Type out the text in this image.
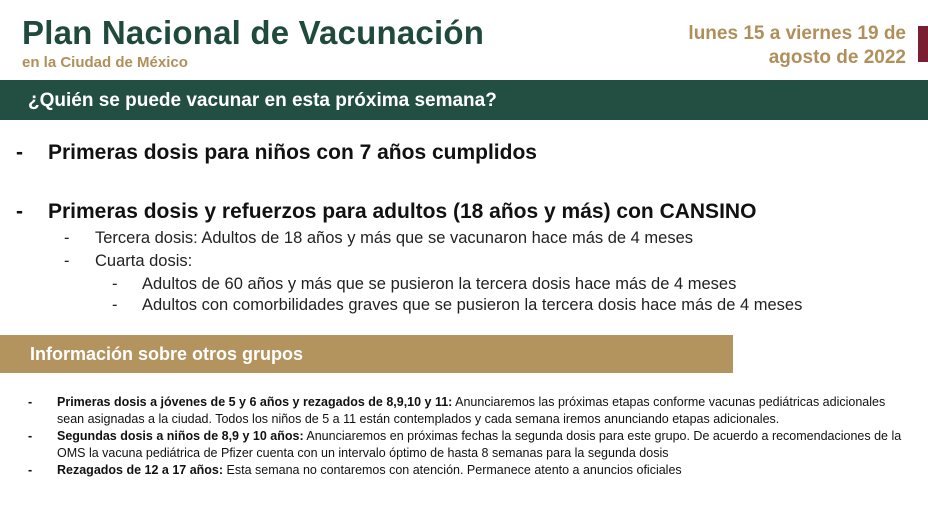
Plan Nacional de Vacunación
en la Ciudad de México
lunes 15 a viernes 19 de
agosto de 2022
¿Quién se puede vacunar en esta próxima semana?
- Primeras dosis para niños con 7 años cumplidos
- Primeras dosis y refuerzos para adultos (18 años y más) con CANSINO
- Tercera dosis: Adultos de 18 años y más que se vacunaron hace más de 4 meses
- Cuarta dosis:
- Adultos de 60 años y más que se pusieron la tercera dosis hace más de 4 meses
- Adultos con comorbilidades graves que se pusieron la tercera dosis hace más de 4 meses
Información sobre otros grupos
- Primeras dosis a jóvenes de 5 y 6 años y rezagados de 8,9,10 y 11: Anunciaremos las próximas etapas conforme vacunas pediátricas adicionales sean asignadas a la ciudad. Todos los niños de 5 a 11 están contemplados y cada semana iremos anunciando etapas adicionales.
- Segundas dosis a niños de 8,9 y 10 años: Anunciaremos en próximas fechas la segunda dosis para este grupo. De acuerdo a recomendaciones de la OMS la vacuna pediátrica de Pfizer cuenta con un intervalo óptimo de hasta 8 semanas para la segunda dosis
- Rezagados de 12 a 17 años: Esta semana no contaremos con atención. Permanece atento a anuncios oficiales
